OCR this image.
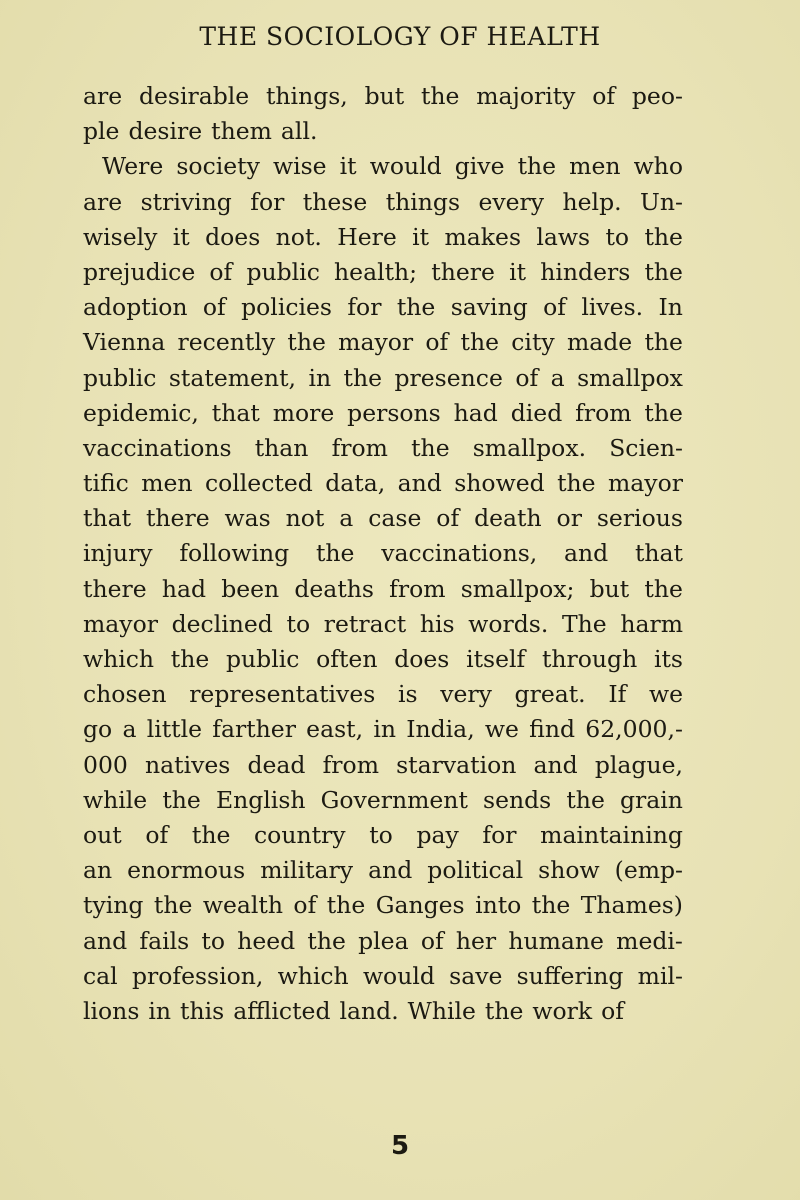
THE SOCIOLOGY OF HEALTH
are desirable things, but the majority of peo-
ple desire them all.
Were society wise it would give the men who
are striving for these things every help. Un-
wisely it does not. Here it makes laws to the
prejudice of public health; there it hinders the
adoption of policies for the saving of lives. In
Vienna recently the mayor of the city made the
public statement, in the presence of a smallpox
epidemic, that more persons had died from the
vaccinations than from the smallpox. Scien-
tific men collected data, and showed the mayor
that there was not a case of death or serious
injury following the vaccinations, and that
there had been deaths from smallpox; but the
mayor declined to retract his words. The harm
which the public often does itself through its
chosen representatives is very great. If we
go a little farther east, in India, we find 62,000,-
000 natives dead from starvation and plague,
while the English Government sends the grain
out of the country to pay for maintaining
an enormous military and political show (emp-
tying the wealth of the Ganges into the Thames)
and fails to heed the plea of her humane medi-
cal profession, which would save suffering mil-
lions in this afflicted land. While the work of
5
